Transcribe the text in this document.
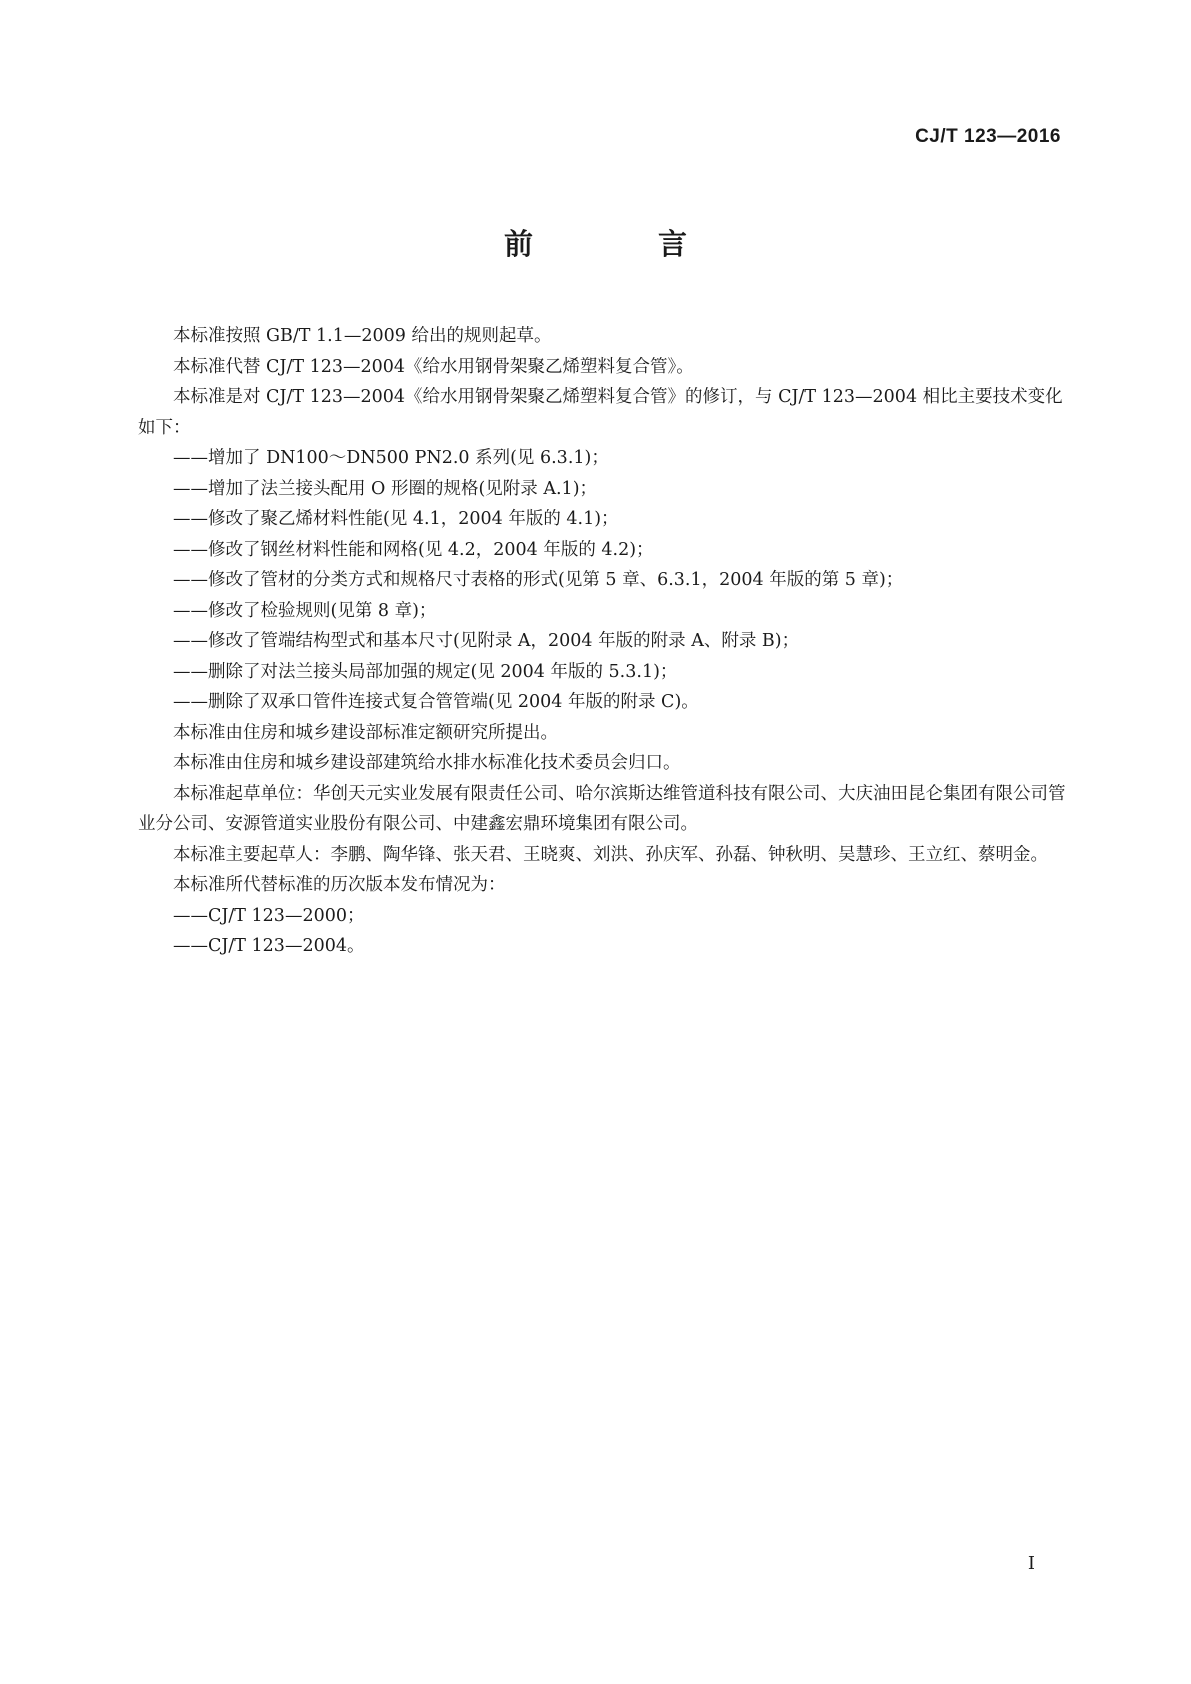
CJ/T 123—2016

前　言

本标准按照 GB/T 1.1—2009 给出的规则起草。

本标准代替 CJ/T 123—2004《给水用钢骨架聚乙烯塑料复合管》。

本标准是对 CJ/T 123—2004《给水用钢骨架聚乙烯塑料复合管》的修订，与 CJ/T 123—2004 相比主要技术变化如下：

——增加了 DN100～DN500 PN2.0 系列(见 6.3.1)；

——增加了法兰接头配用 O 形圈的规格(见附录 A.1)；

——修改了聚乙烯材料性能(见 4.1，2004 年版的 4.1)；

——修改了钢丝材料性能和网格(见 4.2，2004 年版的 4.2)；

——修改了管材的分类方式和规格尺寸表格的形式(见第 5 章、6.3.1，2004 年版的第 5 章)；

——修改了检验规则(见第 8 章)；

——修改了管端结构型式和基本尺寸(见附录 A，2004 年版的附录 A、附录 B)；

——删除了对法兰接头局部加强的规定(见 2004 年版的 5.3.1)；

——删除了双承口管件连接式复合管管端(见 2004 年版的附录 C)。

本标准由住房和城乡建设部标准定额研究所提出。

本标准由住房和城乡建设部建筑给水排水标准化技术委员会归口。

本标准起草单位：华创天元实业发展有限责任公司、哈尔滨斯达维管道科技有限公司、大庆油田昆仑集团有限公司管业分公司、安源管道实业股份有限公司、中建鑫宏鼎环境集团有限公司。

本标准主要起草人：李鹏、陶华锋、张天君、王晓爽、刘洪、孙庆军、孙磊、钟秋明、吴慧珍、王立红、蔡明金。

本标准所代替标准的历次版本发布情况为：

——CJ/T 123—2000；

——CJ/T 123—2004。

I
